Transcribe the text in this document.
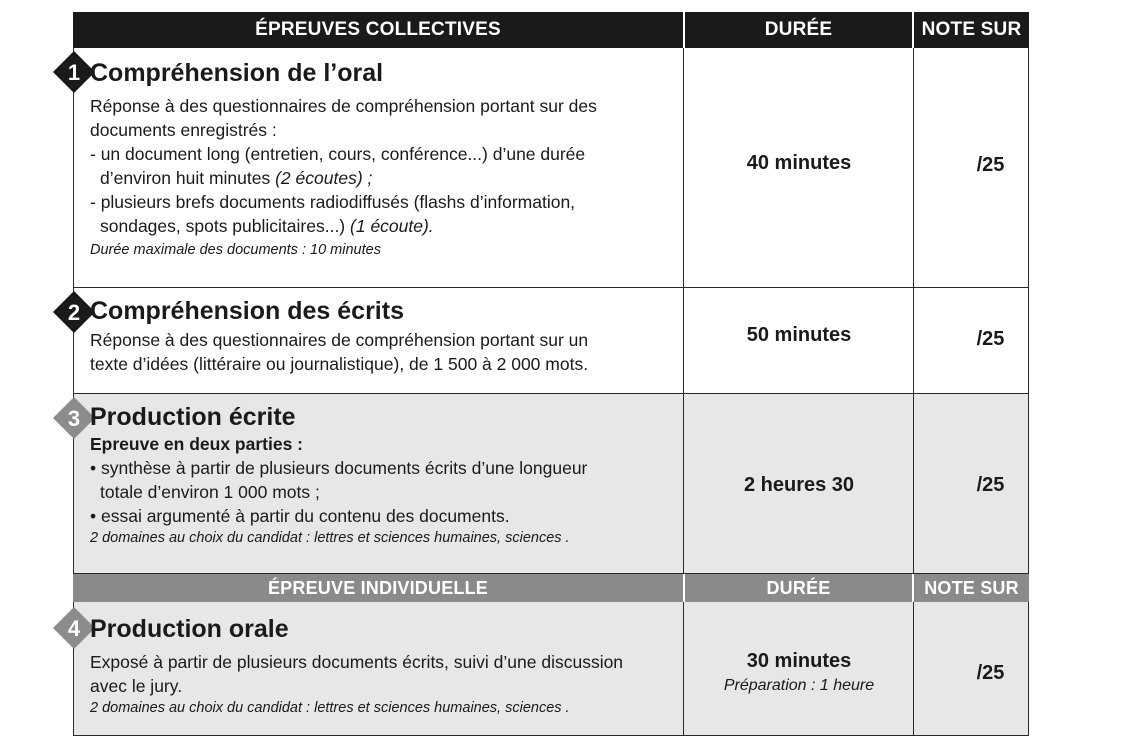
ÉPREUVES COLLECTIVES	DURÉE	NOTE SUR
1 Compréhension de l’oral

Réponse à des questionnaires de compréhension portant sur des

documents enregistrés :

- un document long (entretien, cours, conférence...) d’une durée

d’environ huit minutes (2 écoutes) ;

- plusieurs brefs documents radiodiffusés (flashs d’information,

sondages, spots publicitaires...) (1 écoute).

Durée maximale des documents : 10 minutes

40 minutes	/25
2 Compréhension des écrits

Réponse à des questionnaires de compréhension portant sur un

texte d’idées (littéraire ou journalistique), de 1 500 à 2 000 mots.

50 minutes	/25
3 Production écrite

Epreuve en deux parties :

• synthèse à partir de plusieurs documents écrits d’une longueur

totale d’environ 1 000 mots ;

• essai argumenté à partir du contenu des documents.

2 domaines au choix du candidat : lettres et sciences humaines, sciences .

2 heures 30	/25
ÉPREUVE INDIVIDUELLE	DURÉE	NOTE SUR
4 Production orale

Exposé à partir de plusieurs documents écrits, suivi d’une discussion

avec le jury.

2 domaines au choix du candidat : lettres et sciences humaines, sciences .

30 minutes
Préparation : 1 heure
/25
